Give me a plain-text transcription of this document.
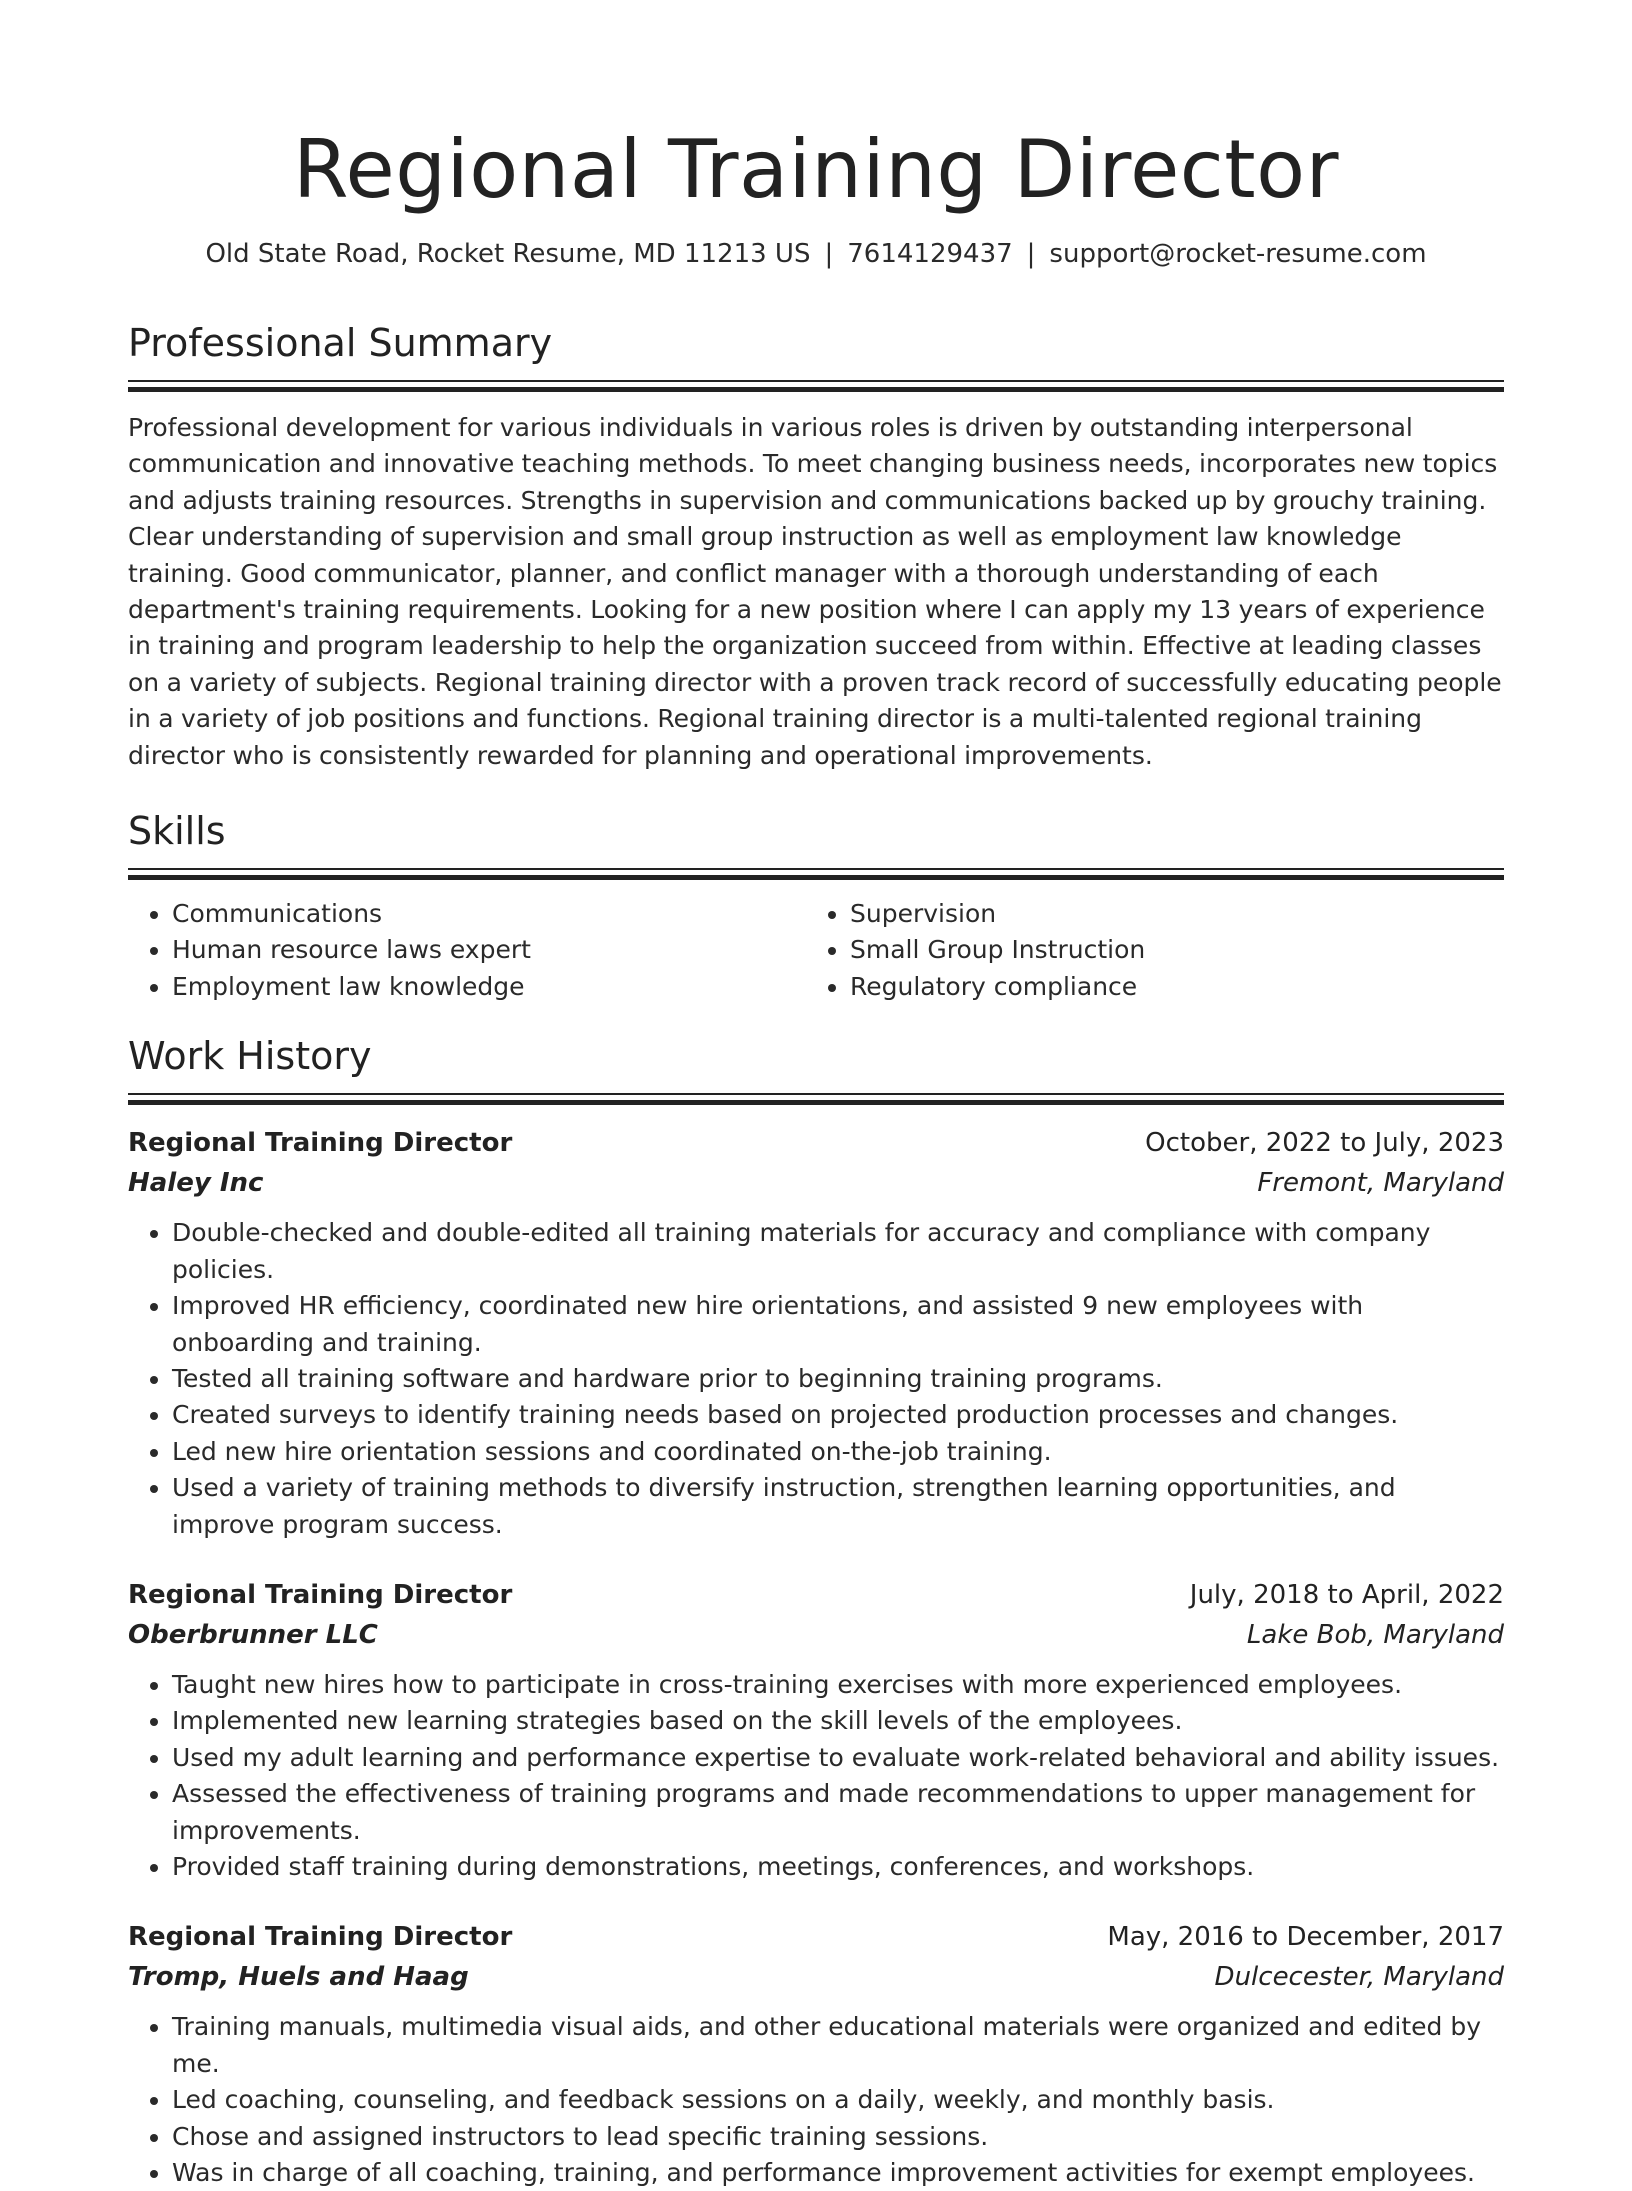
Regional Training Director
Old State Road, Rocket Resume, MD 11213 US | 7614129437 | support@rocket-resume.com
Professional Summary

Professional development for various individuals in various roles is driven by outstanding interpersonal communication and innovative teaching methods. To meet changing business needs, incorporates new topics and adjusts training resources. Strengths in supervision and communications backed up by grouchy training. Clear understanding of supervision and small group instruction as well as employment law knowledge training. Good communicator, planner, and conflict manager with a thorough understanding of each department's training requirements. Looking for a new position where I can apply my 13 years of experience in training and program leadership to help the organization succeed from within. Effective at leading classes on a variety of subjects. Regional training director with a proven track record of successfully educating people in a variety of job positions and functions. Regional training director is a multi-talented regional training director who is consistently rewarded for planning and operational improvements.

Skills
• Communications
• Human resource laws expert
• Employment law knowledge
• Supervision
• Small Group Instruction
• Regulatory compliance
Work History
Regional Training Director	October, 2022 to July, 2023
Haley Inc	Fremont, Maryland
• Double-checked and double-edited all training materials for accuracy and compliance with company policies.
• Improved HR efficiency, coordinated new hire orientations, and assisted 9 new employees with onboarding and training.
• Tested all training software and hardware prior to beginning training programs.
• Created surveys to identify training needs based on projected production processes and changes.
• Led new hire orientation sessions and coordinated on-the-job training.
• Used a variety of training methods to diversify instruction, strengthen learning opportunities, and improve program success.
Regional Training Director	July, 2018 to April, 2022
Oberbrunner LLC	Lake Bob, Maryland
• Taught new hires how to participate in cross-training exercises with more experienced employees.
• Implemented new learning strategies based on the skill levels of the employees.
• Used my adult learning and performance expertise to evaluate work-related behavioral and ability issues.
• Assessed the effectiveness of training programs and made recommendations to upper management for improvements.
• Provided staff training during demonstrations, meetings, conferences, and workshops.
Regional Training Director	May, 2016 to December, 2017
Tromp, Huels and Haag	Dulcecester, Maryland
• Training manuals, multimedia visual aids, and other educational materials were organized and edited by me.
• Led coaching, counseling, and feedback sessions on a daily, weekly, and monthly basis.
• Chose and assigned instructors to lead specific training sessions.
• Was in charge of all coaching, training, and performance improvement activities for exempt employees.
